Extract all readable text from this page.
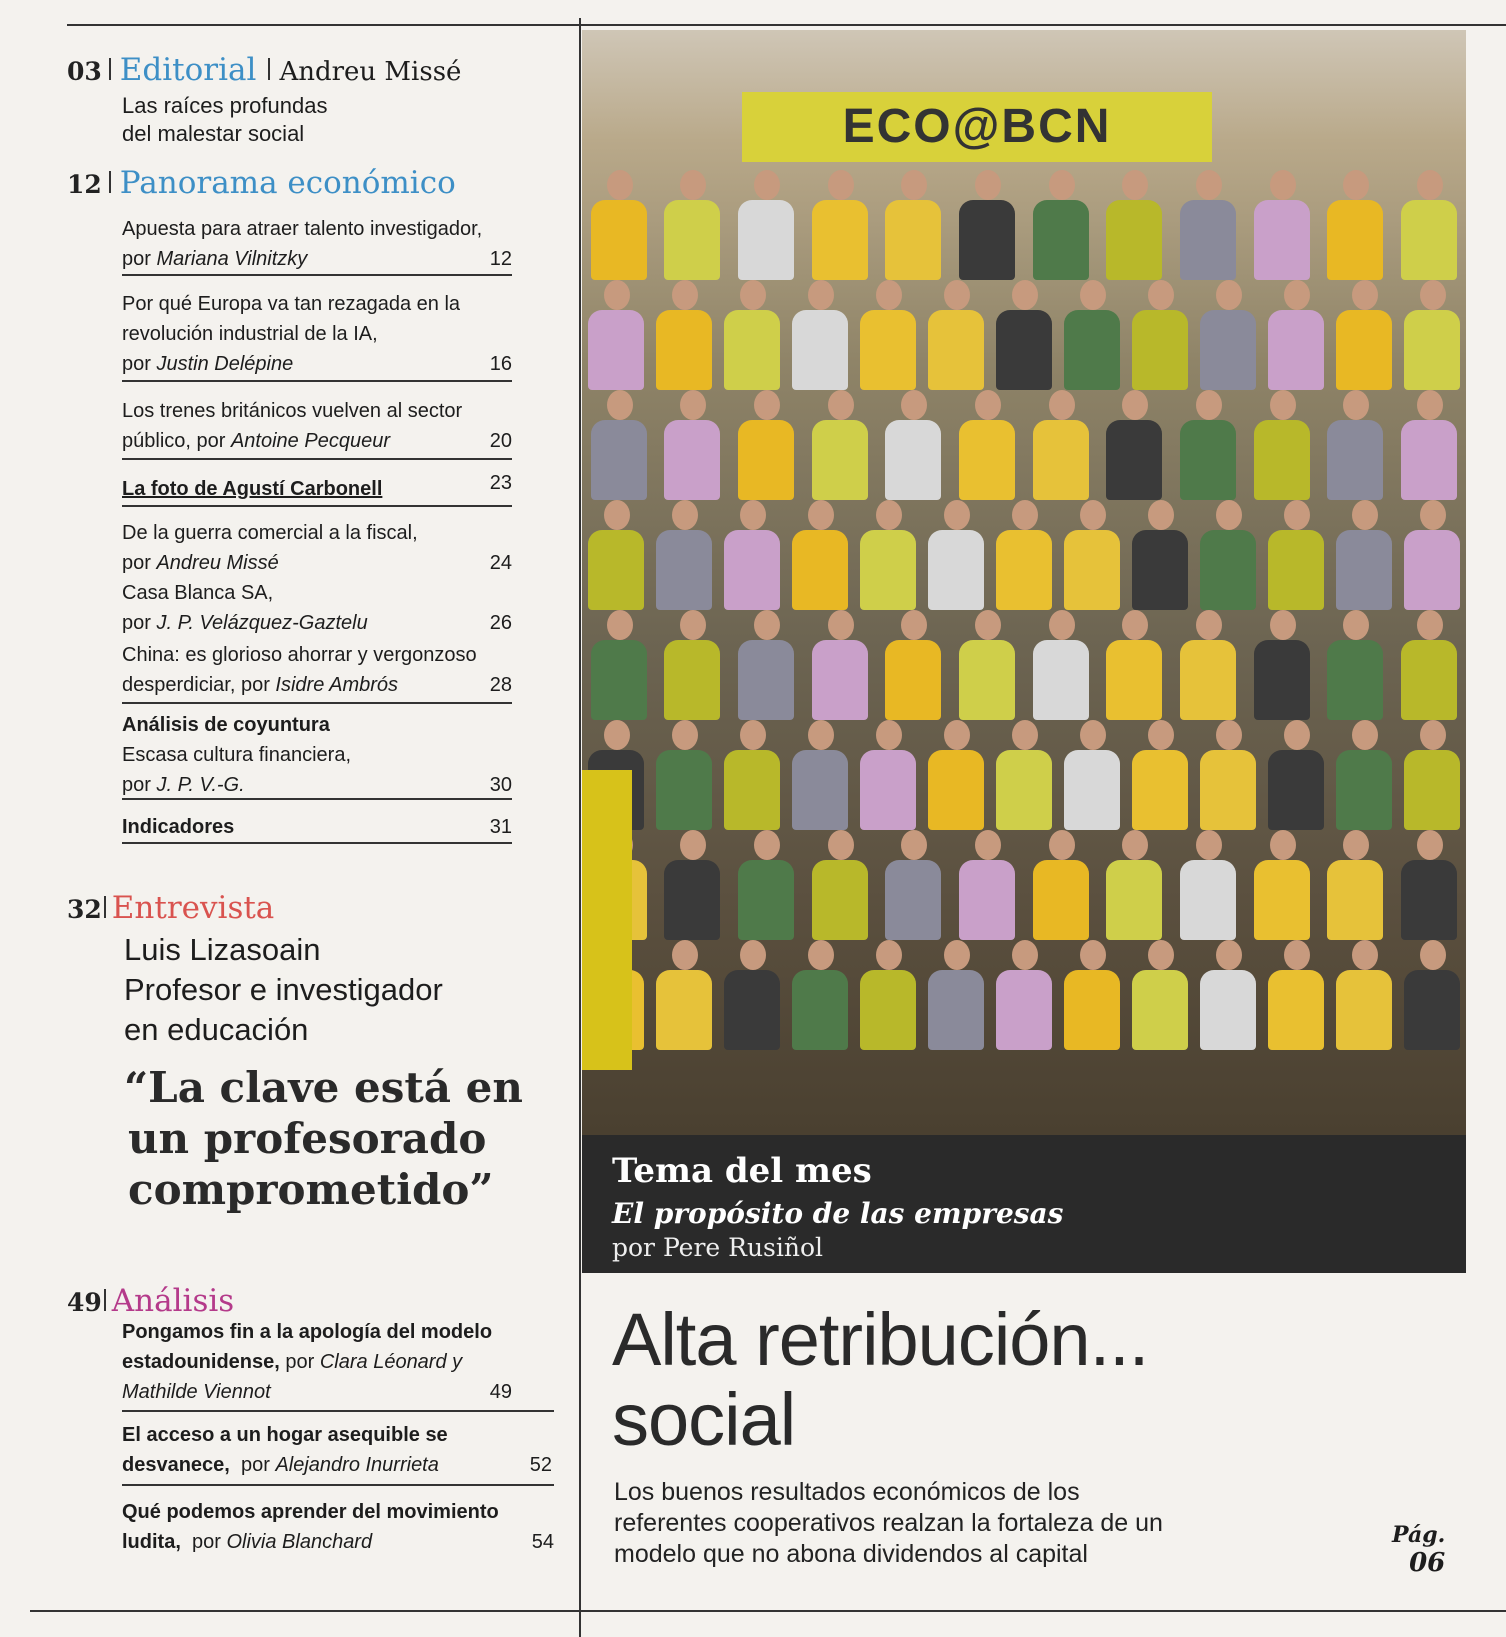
03 Editorial Andreu Missé
Las raíces profundas
del malestar social
12 Panorama económico
Apuesta para atraer talento investigador,
por Mariana Vilnitzky	12
Por qué Europa va tan rezagada en la
revolución industrial de la IA,
por Justin Delépine	16
Los trenes británicos vuelven al sector
público, por Antoine Pecqueur	20
La foto de Agustí Carbonell	23
De la guerra comercial a la fiscal,
por Andreu Missé	24
Casa Blanca SA,
por J. P. Velázquez-Gaztelu	26
China: es glorioso ahorrar y vergonzoso
desperdiciar, por Isidre Ambrós	28
Análisis de coyuntura
Escasa cultura financiera,
por J. P. V.-G.	30
Indicadores	31
32 Entrevista
Luis Lizasoain
Profesor e investigador
en educación
“La clave está en
un profesorado
comprometido”
49 Análisis
Pongamos fin a la apología del modelo
estadounidense, por Clara Léonard y
Mathilde Viennot	49
El acceso a un hogar asequible se
desvanece,  por Alejandro Inurrieta	52
Qué podemos aprender del movimiento
ludita,  por Olivia Blanchard	54
ECO@BCN
Tema del mes
El propósito de las empresas
por Pere Rusiñol
Alta retribución...
social
Los buenos resultados económicos de los
referentes cooperativos realzan la fortaleza de un
modelo que no abona dividendos al capital
Pág.
06
